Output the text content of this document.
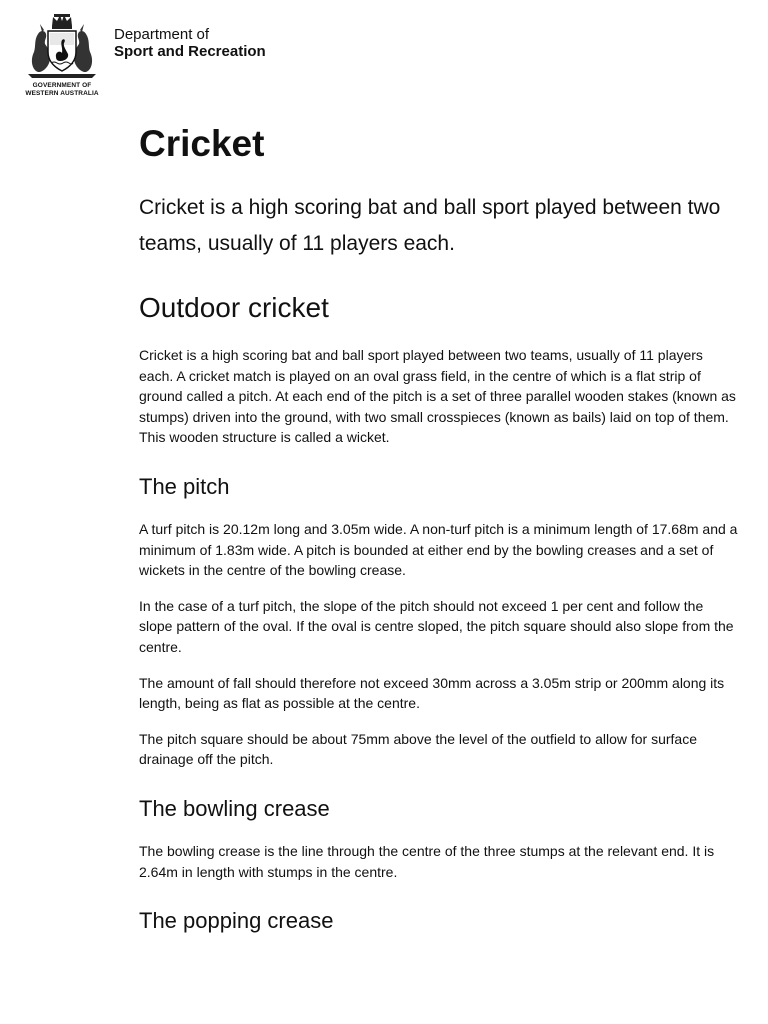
GOVERNMENT OF
WESTERN AUSTRALIA
Department of
Sport and Recreation
Cricket

Cricket is a high scoring bat and ball sport played between two teams, usually of 11 players each.

Outdoor cricket

Cricket is a high scoring bat and ball sport played between two teams, usually of 11 players each. A cricket match is played on an oval grass field, in the centre of which is a flat strip of ground called a pitch. At each end of the pitch is a set of three parallel wooden stakes (known as stumps) driven into the ground, with two small crosspieces (known as bails) laid on top of them. This wooden structure is called a wicket.

The pitch

A turf pitch is 20.12m long and 3.05m wide. A non-turf pitch is a minimum length of 17.68m and a minimum of 1.83m wide. A pitch is bounded at either end by the bowling creases and a set of wickets in the centre of the bowling crease.

In the case of a turf pitch, the slope of the pitch should not exceed 1 per cent and follow the slope pattern of the oval. If the oval is centre sloped, the pitch square should also slope from the centre.

The amount of fall should therefore not exceed 30mm across a 3.05m strip or 200mm along its length, being as flat as possible at the centre.

The pitch square should be about 75mm above the level of the outfield to allow for surface drainage off the pitch.

The bowling crease

The bowling crease is the line through the centre of the three stumps at the relevant end. It is 2.64m in length with stumps in the centre.

The popping crease
